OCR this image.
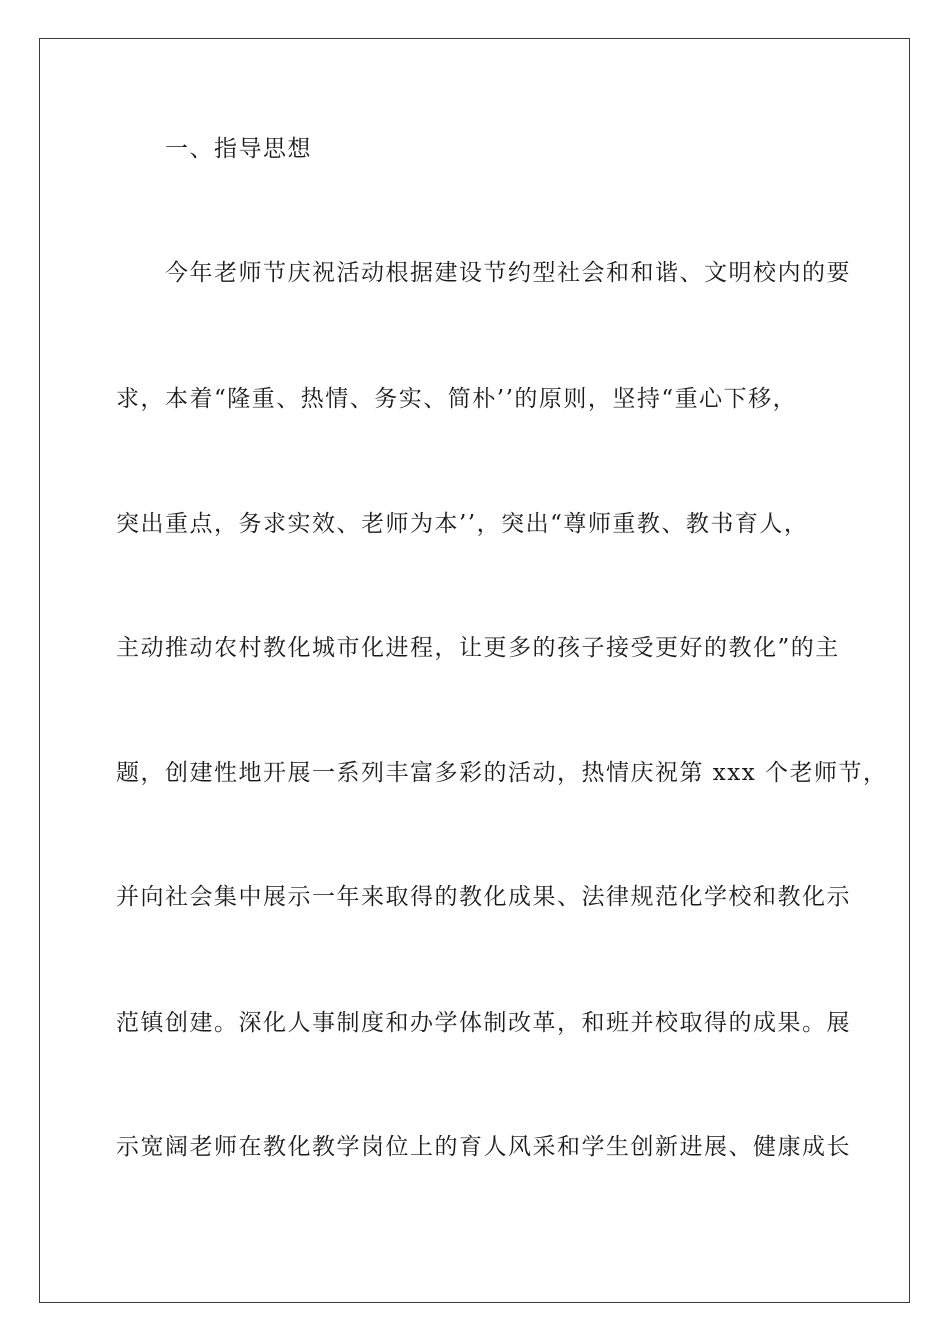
一、指导思想
今年老师节庆祝活动根据建设节约型社会和和谐、文明校内的要
求，本着“隆重、热情、务实、简朴’’的原则，坚持“重心下移，
突出重点，务求实效、老师为本’’，突出“尊师重教、教书育人，
主动推动农村教化城市化进程，让更多的孩子接受更好的教化”的主
题，创建性地开展一系列丰富多彩的活动，热情庆祝第 xxx 个老师节，
并向社会集中展示一年来取得的教化成果、法律规范化学校和教化示
范镇创建。深化人事制度和办学体制改革，和班并校取得的成果。展
示宽阔老师在教化教学岗位上的育人风采和学生创新进展、健康成长
